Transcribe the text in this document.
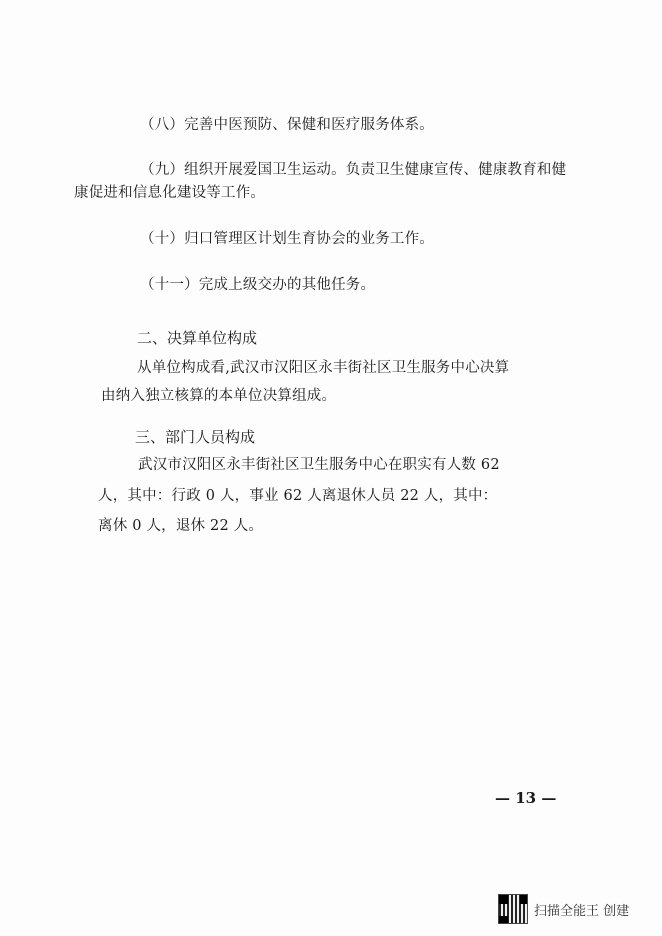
（八）完善中医预防、保健和医疗服务体系。
（九）组织开展爱国卫生运动。负责卫生健康宣传、健康教育和健
康促进和信息化建设等工作。
（十）归口管理区计划生育协会的业务工作。
（十一）完成上级交办的其他任务。
二、决算单位构成
从单位构成看,武汉市汉阳区永丰街社区卫生服务中心决算
由纳入独立核算的本单位决算组成。
三、部门人员构成
武汉市汉阳区永丰街社区卫生服务中心在职实有人数 62
人，其中：行政 0 人，事业 62 人离退休人员 22 人，其中：
离休 0 人，退休 22 人。
— 13 —
扫描全能王 创建
